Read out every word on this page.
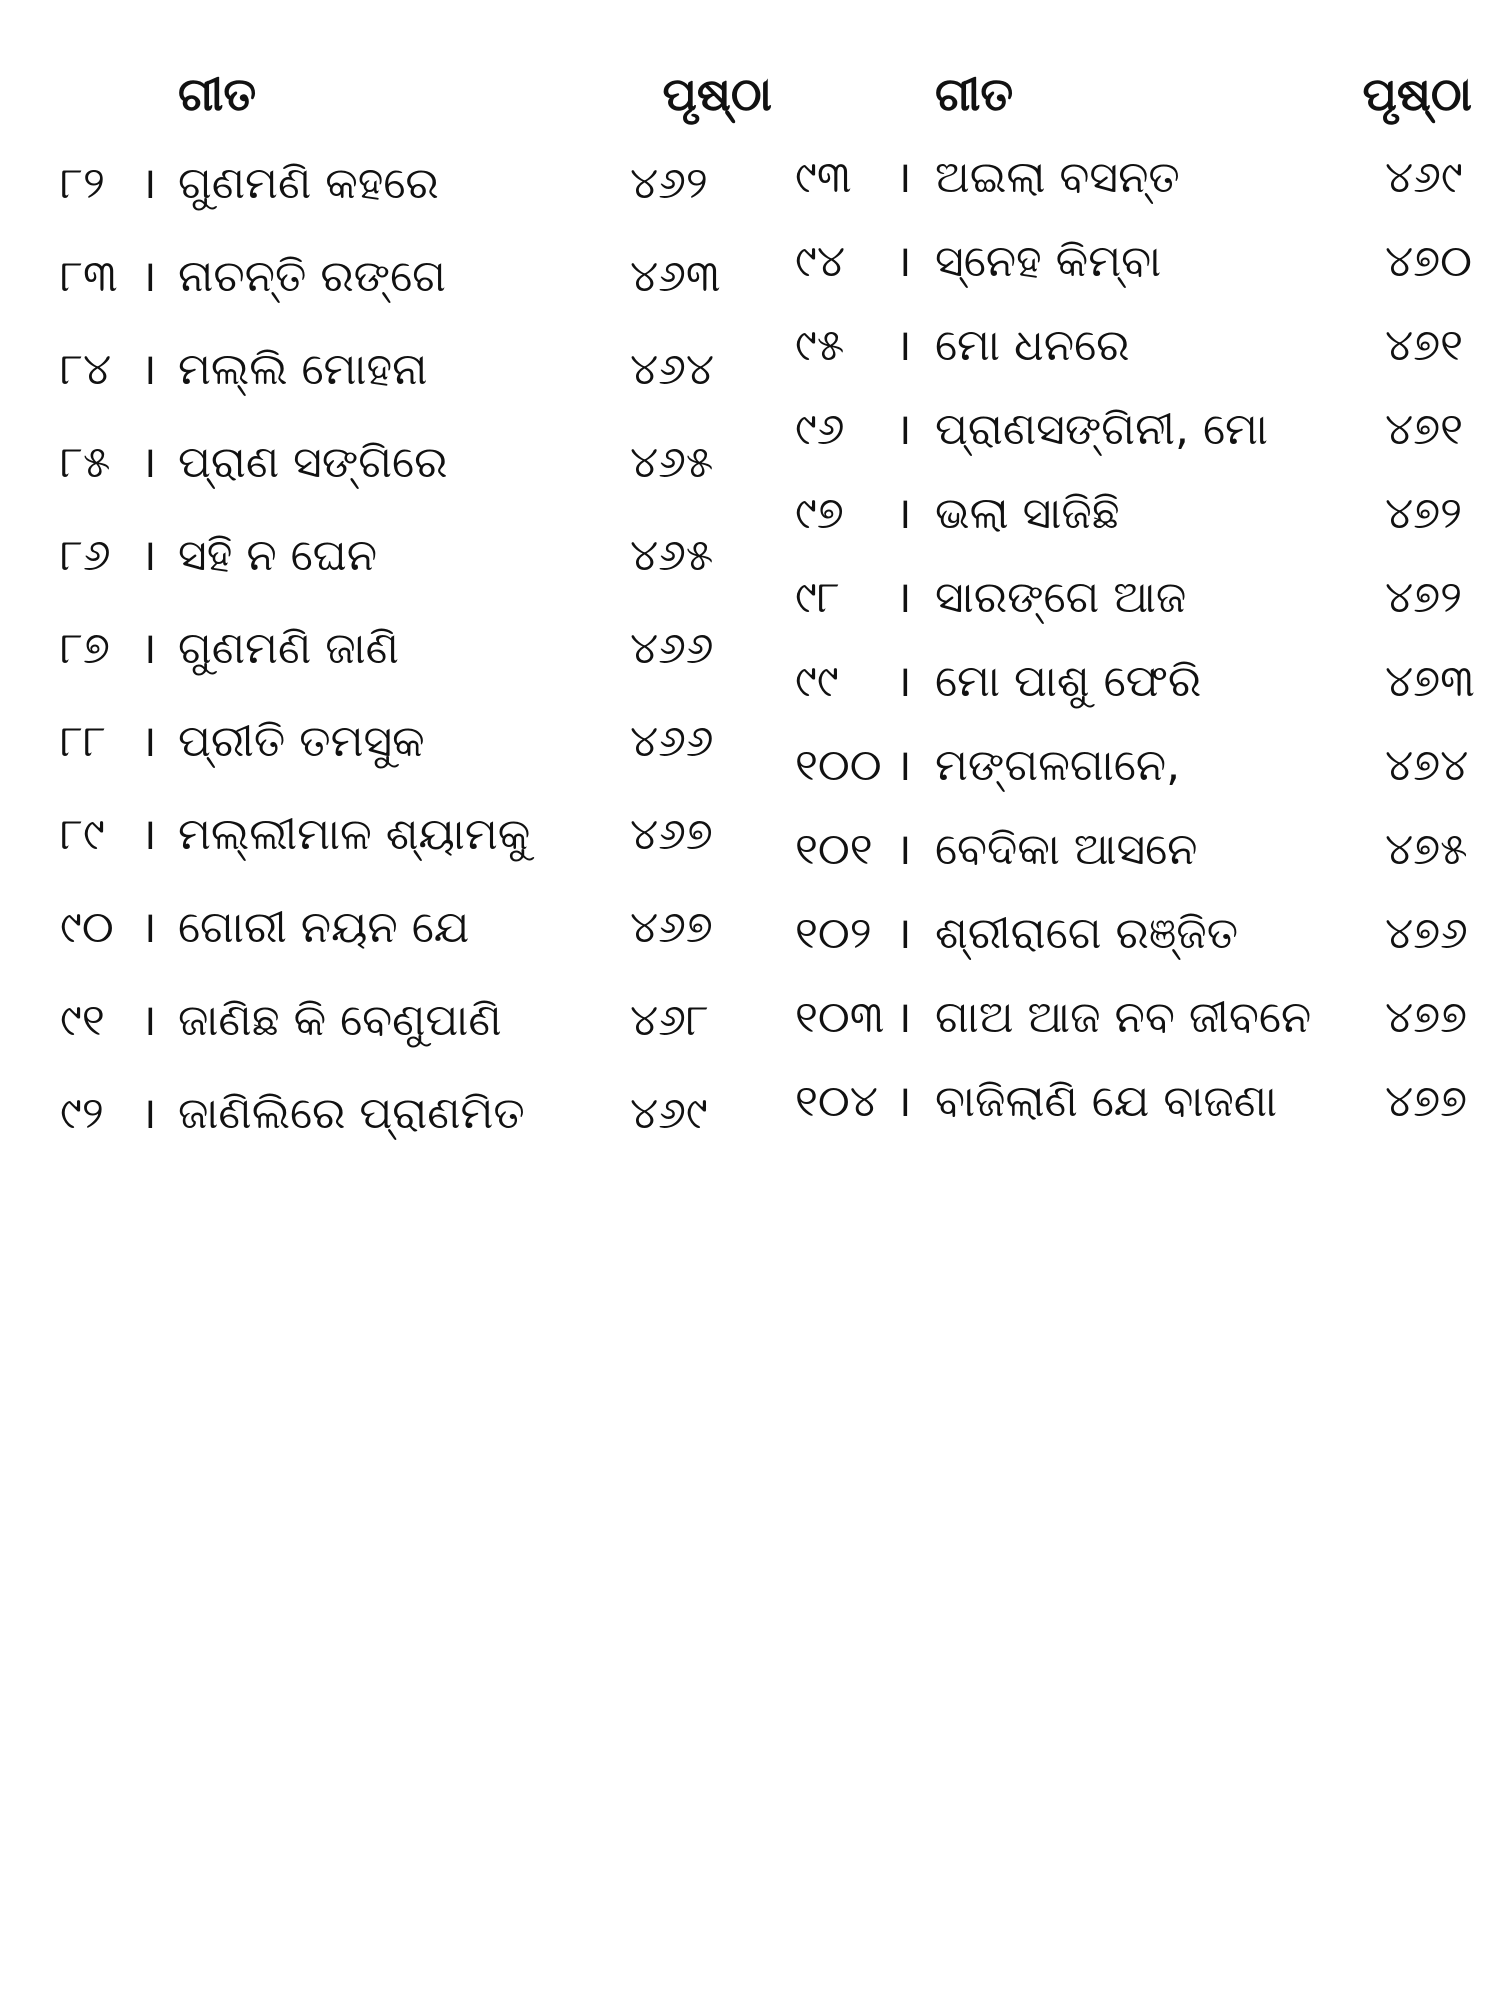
ଗୀତ	ପୃଷ୍ଠା
୮୨ । ଗୁଣମଣି କହରେ	୪୬୨
୮୩ । ନାଚନ୍ତି ରଙ୍ଗେ	୪୬୩
୮୪ । ମଲ୍ଲି ମୋହନା	୪୬୪
୮୫ । ପ୍ରାଣ ସଙ୍ଗିରେ	୪୬୫
୮୬ । ସହି ନ ଘେନ	୪୬୫
୮୭ । ଗୁଣମଣି ଜାଣି	୪୬୬
୮୮ । ପ୍ରୀତି ତମସୁକ	୪୬୬
୮୯ । ମଲ୍ଲୀମାଳ ଶ୍ୟାମକୁ ୪୬୭
୯୦ । ଗୋରୀ ନୟନ ଯେ	୪୬୭
୯୧ । ଜାଣିଛ କି ବେଣୁପାଣି	୪୬୮
୯୨ । ଜାଣିଲିରେ ପ୍ରାଣମିତ ୪୬୯
ଗୀତ	ପୃଷ୍ଠା
୯୩ । ଅଇଲା ବସନ୍ତ	୪୬୯
୯୪ । ସ୍ନେହ କିମ୍ବା	୪୭୦
୯୫ । ମୋ ଧନରେ	୪୭୧
୯୬ । ପ୍ରାଣସଙ୍ଗିନୀ, ମୋ	୪୭୧
୯୭ । ଭଲା ସାଜିଛି	୪୭୨
୯୮ । ସାରଙ୍ଗେ ଆଜ	୪୭୨
୯୯ । ମୋ ପାଶୁ ଫେରି	୪୭୩
୧୦୦ । ମଙ୍ଗଳଗାନେ,	୪୭୪
୧୦୧ । ବେଦିକା ଆସନେ	୪୭୫
୧୦୨ । ଶ୍ରୀରାଗେ ରଞ୍ଜିତ	୪୭୬
୧୦୩ । ଗାଅ ଆଜ ନବ ଜୀବନେ ୪୭୭
୧୦୪ । ବାଜିଲାଣି ଯେ ବାଜଣା ୪୭୭
